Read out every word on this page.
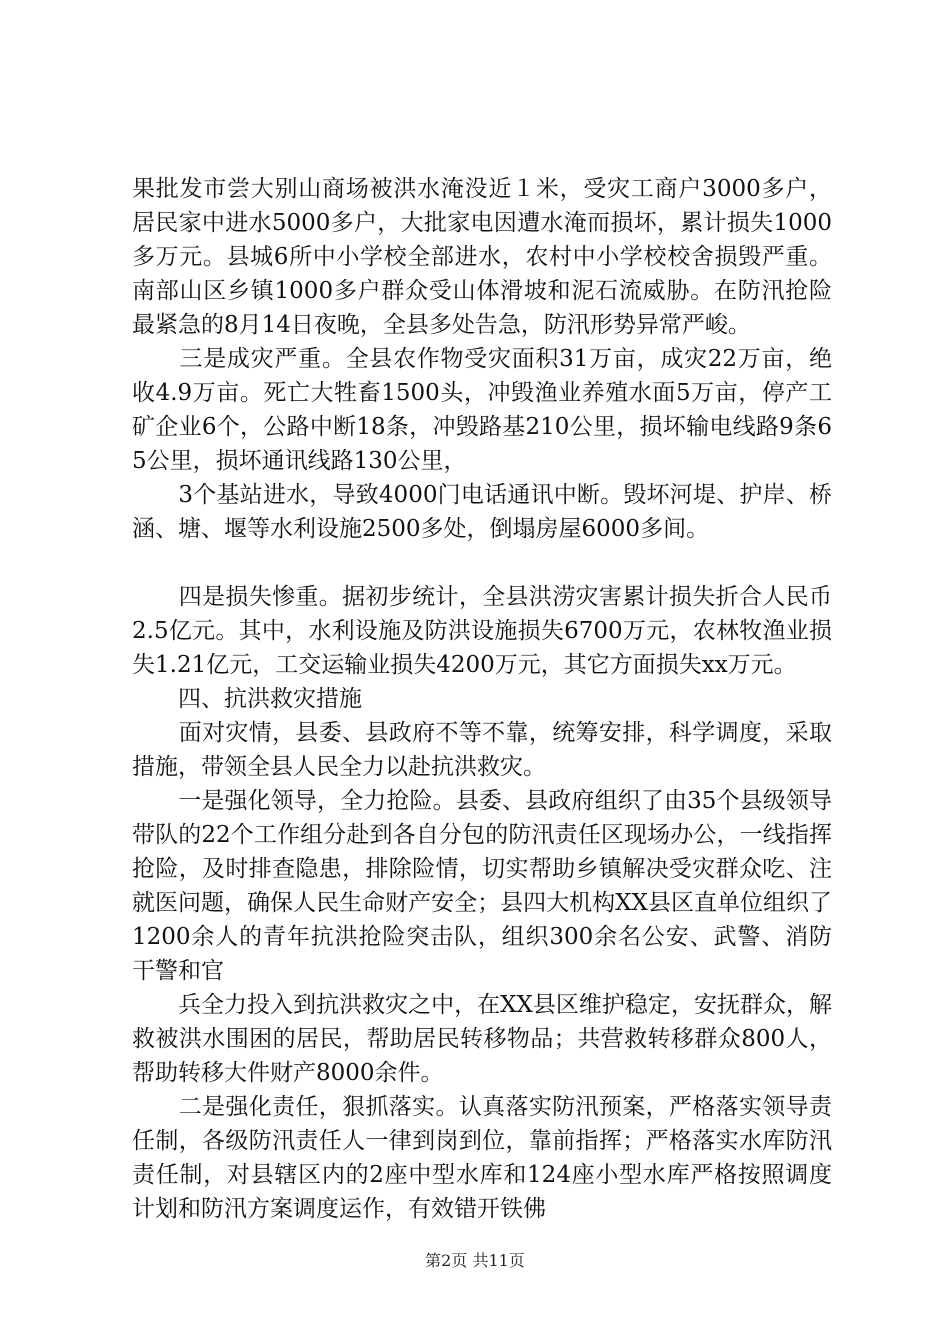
果批发市尝大别山商场被洪水淹没近１米，受灾工商户3000多户，居民家中进水5000多户，大批家电因遭水淹而损坏，累计损失1000多万元。县城6所中小学校全部进水，农村中小学校校舍损毁严重。南部山区乡镇1000多户群众受山体滑坡和泥石流威胁。在防汛抢险最紧急的8月14日夜晚，全县多处告急，防汛形势异常严峻。

　　三是成灾严重。全县农作物受灾面积31万亩，成灾22万亩，绝收4.9万亩。死亡大牲畜1500头，冲毁渔业养殖水面5万亩，停产工矿企业6个，公路中断18条，冲毁路基210公里，损坏输电线路9条65公里，损坏通讯线路130公里，

　　3个基站进水，导致4000门电话通讯中断。毁坏河堤、护岸、桥涵、塘、堰等水利设施2500多处，倒塌房屋6000多间。

　　四是损失惨重。据初步统计，全县洪涝灾害累计损失折合人民币2.5亿元。其中，水利设施及防洪设施损失6700万元，农林牧渔业损失1.21亿元，工交运输业损失4200万元，其它方面损失xx万元。

　　四、抗洪救灾措施

　　面对灾情，县委、县政府不等不靠，统筹安排，科学调度，采取措施，带领全县人民全力以赴抗洪救灾。

　　一是强化领导，全力抢险。县委、县政府组织了由35个县级领导带队的22个工作组分赴到各自分包的防汛责任区现场办公，一线指挥抢险，及时排查隐患，排除险情，切实帮助乡镇解决受灾群众吃、注就医问题，确保人民生命财产安全；县四大机构XX县区直单位组织了1200余人的青年抗洪抢险突击队，组织300余名公安、武警、消防干警和官

　　兵全力投入到抗洪救灾之中，在XX县区维护稳定，安抚群众，解救被洪水围困的居民，帮助居民转移物品；共营救转移群众800人，帮助转移大件财产8000余件。

　　二是强化责任，狠抓落实。认真落实防汛预案，严格落实领导责任制，各级防汛责任人一律到岗到位，靠前指挥；严格落实水库防汛责任制，对县辖区内的2座中型水库和124座小型水库严格按照调度计划和防汛方案调度运作，有效错开铁佛

第2页 共11页
